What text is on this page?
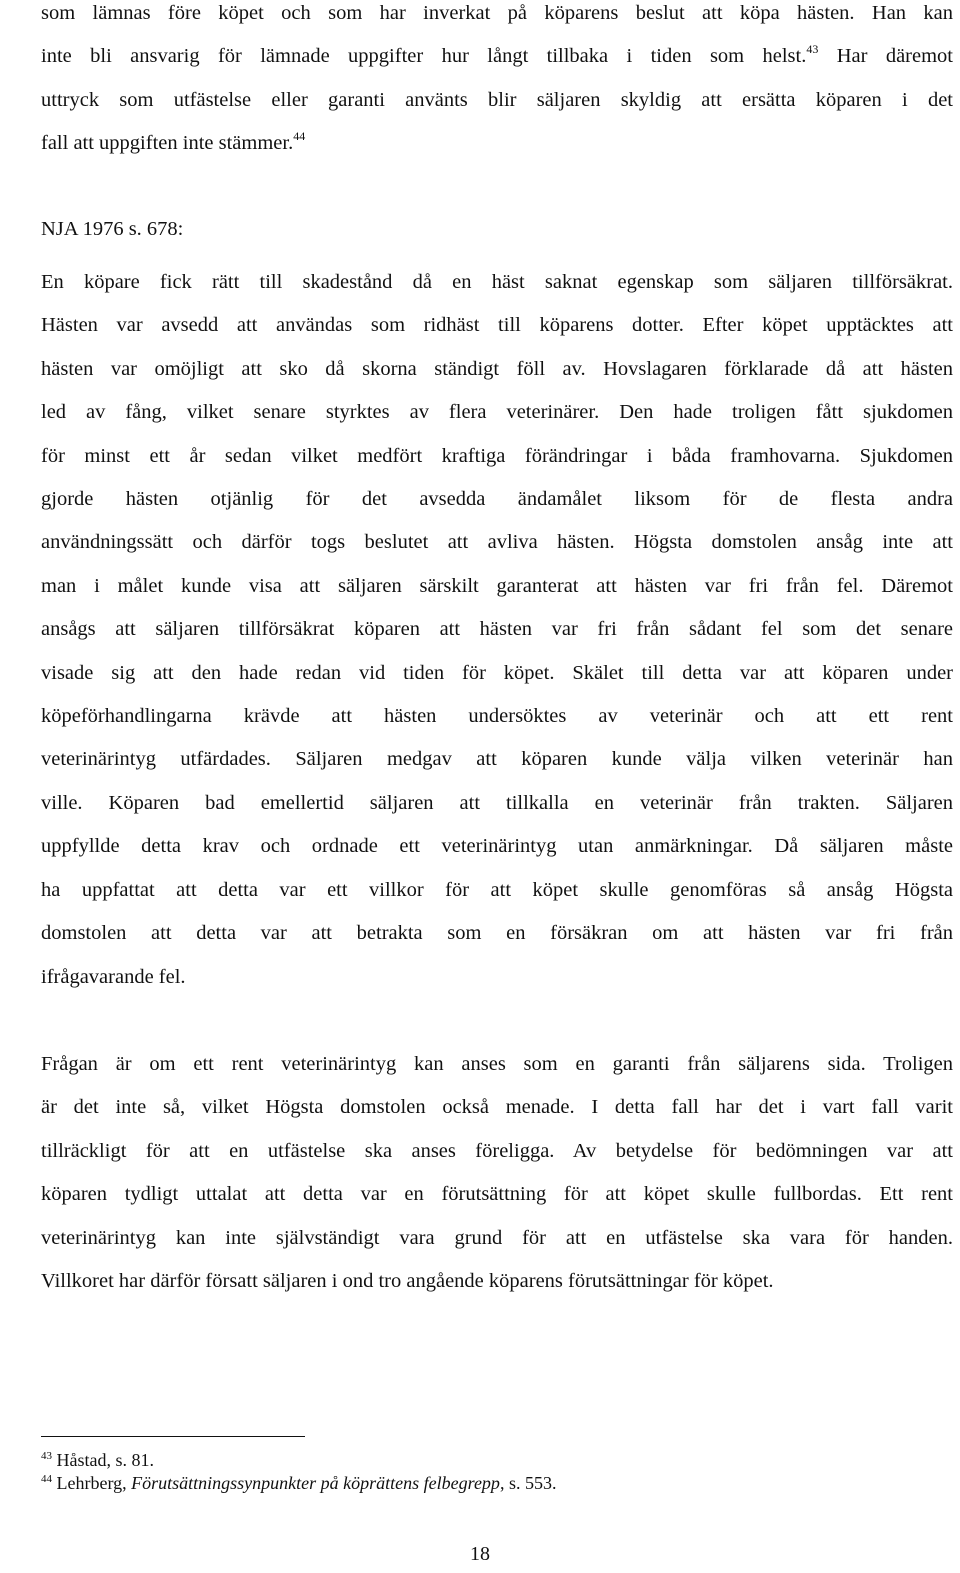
som lämnas före köpet och som har inverkat på köparens beslut att köpa hästen. Han kan
inte bli ansvarig för lämnade uppgifter hur långt tillbaka i tiden som helst.$^{43}$ Har däremot
uttryck som utfästelse eller garanti använts blir säljaren skyldig att ersätta köparen i det
fall att uppgiften inte stämmer.$^{44}$

NJA 1976 s. 678:

En köpare fick rätt till skadestånd då en häst saknat egenskap som säljaren tillförsäkrat.
Hästen var avsedd att användas som ridhäst till köparens dotter. Efter köpet upptäcktes att
hästen var omöjligt att sko då skorna ständigt föll av. Hovslagaren förklarade då att hästen
led av fång, vilket senare styrktes av flera veterinärer. Den hade troligen fått sjukdomen
för minst ett år sedan vilket medfört kraftiga förändringar i båda framhovarna. Sjukdomen
gjorde hästen otjänlig för det avsedda ändamålet liksom för de flesta andra
användningssätt och därför togs beslutet att avliva hästen. Högsta domstolen ansåg inte att
man i målet kunde visa att säljaren särskilt garanterat att hästen var fri från fel. Däremot
ansågs att säljaren tillförsäkrat köparen att hästen var fri från sådant fel som det senare
visade sig att den hade redan vid tiden för köpet. Skälet till detta var att köparen under
köpeförhandlingarna krävde att hästen undersöktes av veterinär och att ett rent
veterinärintyg utfärdades. Säljaren medgav att köparen kunde välja vilken veterinär han
ville. Köparen bad emellertid säljaren att tillkalla en veterinär från trakten. Säljaren
uppfyllde detta krav och ordnade ett veterinärintyg utan anmärkningar. Då säljaren måste
ha uppfattat att detta var ett villkor för att köpet skulle genomföras så ansåg Högsta
domstolen att detta var att betrakta som en försäkran om att hästen var fri från
ifrågavarande fel.
Frågan är om ett rent veterinärintyg kan anses som en garanti från säljarens sida. Troligen
är det inte så, vilket Högsta domstolen också menade. I detta fall har det i vart fall varit
tillräckligt för att en utfästelse ska anses föreligga. Av betydelse för bedömningen var att
köparen tydligt uttalat att detta var en förutsättning för att köpet skulle fullbordas. Ett rent
veterinärintyg kan inte självständigt vara grund för att en utfästelse ska vara för handen.
Villkoret har därför försatt säljaren i ond tro angående köparens förutsättningar för köpet.
$^{43}$ Håstad, s. 81.
$^{44}$ Lehrberg, Förutsättningssynpunkter på köprättens felbegrepp, s. 553.
18
